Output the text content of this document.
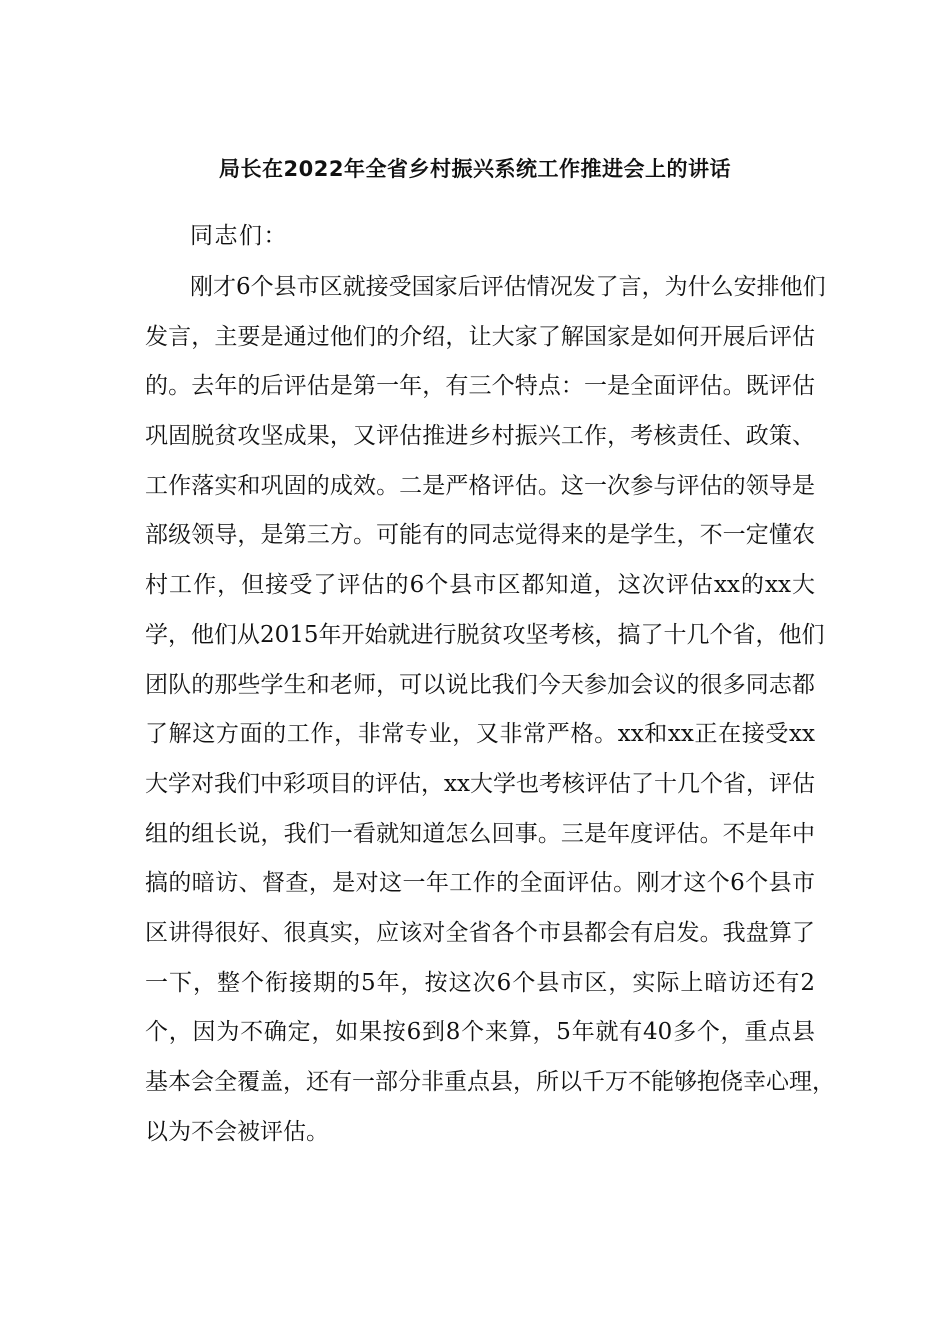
局长在2022年全省乡村振兴系统工作推进会上的讲话

同志们：

刚才6个县市区就接受国家后评估情况发了言，为什么安排他们
发言，主要是通过他们的介绍，让大家了解国家是如何开展后评估
的。去年的后评估是第一年，有三个特点：一是全面评估。既评估
巩固脱贫攻坚成果，又评估推进乡村振兴工作，考核责任、政策、
工作落实和巩固的成效。二是严格评估。这一次参与评估的领导是
部级领导，是第三方。可能有的同志觉得来的是学生，不一定懂农
村工作，但接受了评估的6个县市区都知道，这次评估xx的xx大
学，他们从2015年开始就进行脱贫攻坚考核，搞了十几个省，他们
团队的那些学生和老师，可以说比我们今天参加会议的很多同志都
了解这方面的工作，非常专业，又非常严格。xx和xx正在接受xx
大学对我们中彩项目的评估，xx大学也考核评估了十几个省，评估
组的组长说，我们一看就知道怎么回事。三是年度评估。不是年中
搞的暗访、督查，是对这一年工作的全面评估。刚才这个6个县市
区讲得很好、很真实，应该对全省各个市县都会有启发。我盘算了
一下，整个衔接期的5年，按这次6个县市区，实际上暗访还有2
个，因为不确定，如果按6到8个来算，5年就有40多个，重点县
基本会全覆盖，还有一部分非重点县，所以千万不能够抱侥幸心理，
以为不会被评估。
